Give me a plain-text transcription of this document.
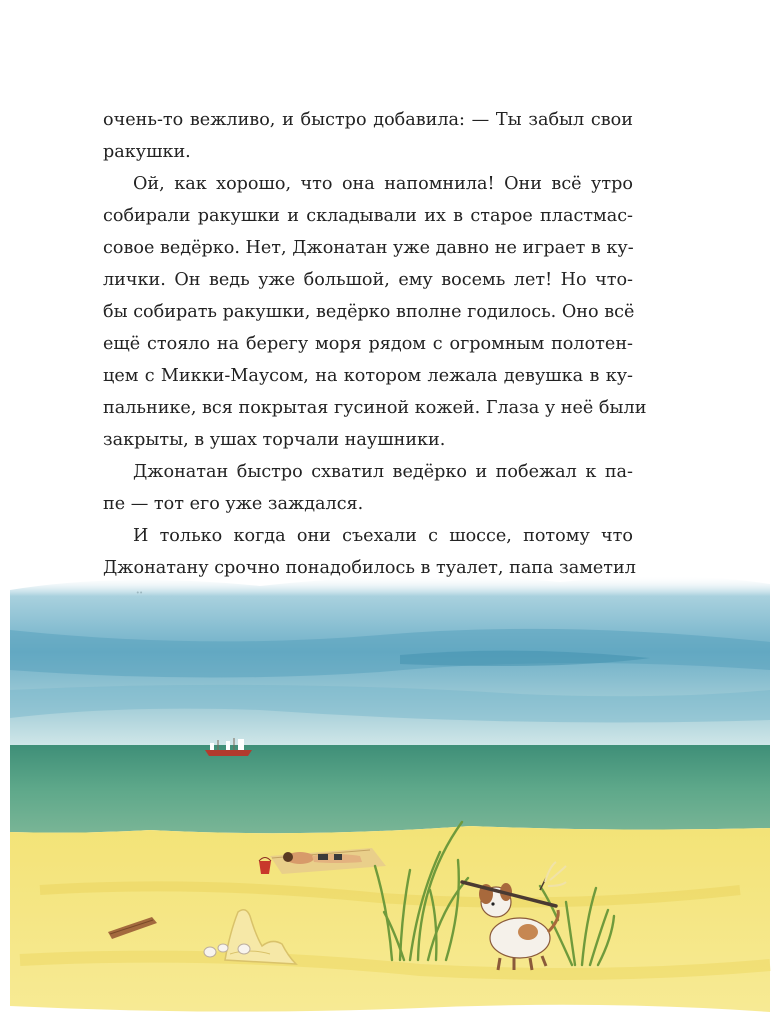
очень-то вежливо, и быстро добавила: — Ты забыл свои
ракушки.
Ой, как хорошо, что она напомнила! Они всё утро
собирали ракушки и складывали их в старое пластмас-
совое ведёрко. Нет, Джонатан уже давно не играет в ку-
лички. Он ведь уже большой, ему восемь лет! Но что-
бы собирать ракушки, ведёрко вполне годилось. Оно всё
ещё стояло на берегу моря рядом с огромным полотен-
цем с Микки-Маусом, на котором лежала девушка в ку-
пальнике, вся покрытая гусиной кожей. Глаза у неё были
закрыты, в ушах торчали наушники.
Джонатан быстро схватил ведёрко и побежал к па-
пе — тот его уже заждался.
И только когда они съехали с шоссе, потому что
Джонатану срочно понадобилось в туалет, папа заметил
